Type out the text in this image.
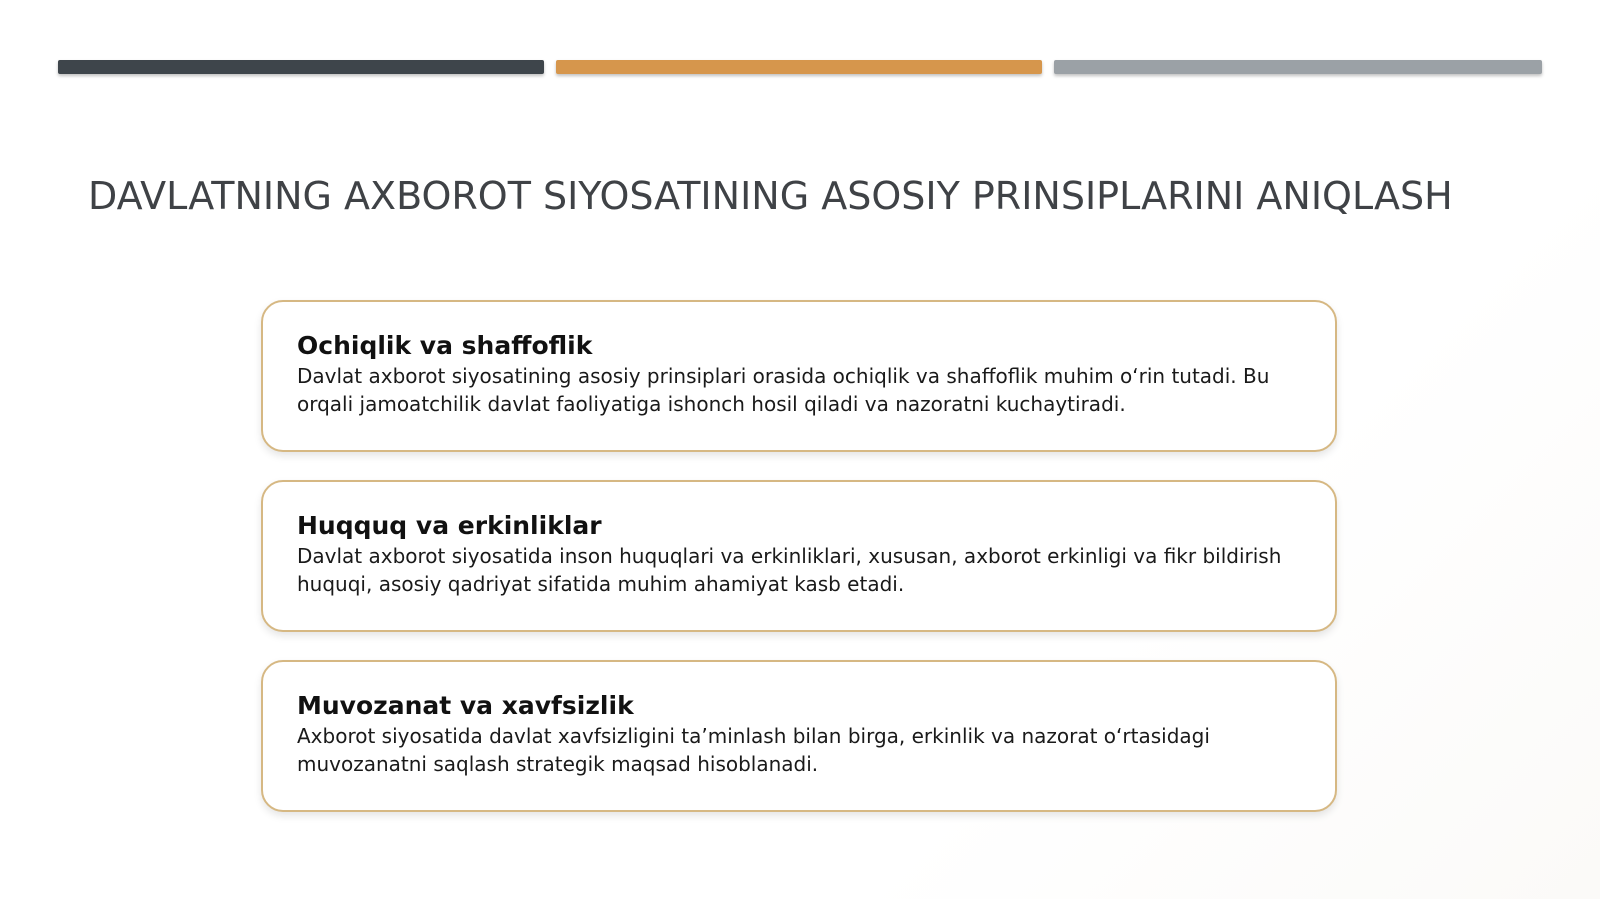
DAVLATNING AXBOROT SIYOSATINING ASOSIY PRINSIPLARINI ANIQLASH

Ochiqlik va shaffoflik

Davlat axborot siyosatining asosiy prinsiplari orasida ochiqlik va shaffoflik muhim o‘rin tutadi. Bu orqali jamoatchilik davlat faoliyatiga ishonch hosil qiladi va nazoratni kuchaytiradi.

Huqquq va erkinliklar

Davlat axborot siyosatida inson huquqlari va erkinliklari, xususan, axborot erkinligi va fikr bildirish huquqi, asosiy qadriyat sifatida muhim ahamiyat kasb etadi.

Muvozanat va xavfsizlik

Axborot siyosatida davlat xavfsizligini ta’minlash bilan birga, erkinlik va nazorat o‘rtasidagi muvozanatni saqlash strategik maqsad hisoblanadi.
